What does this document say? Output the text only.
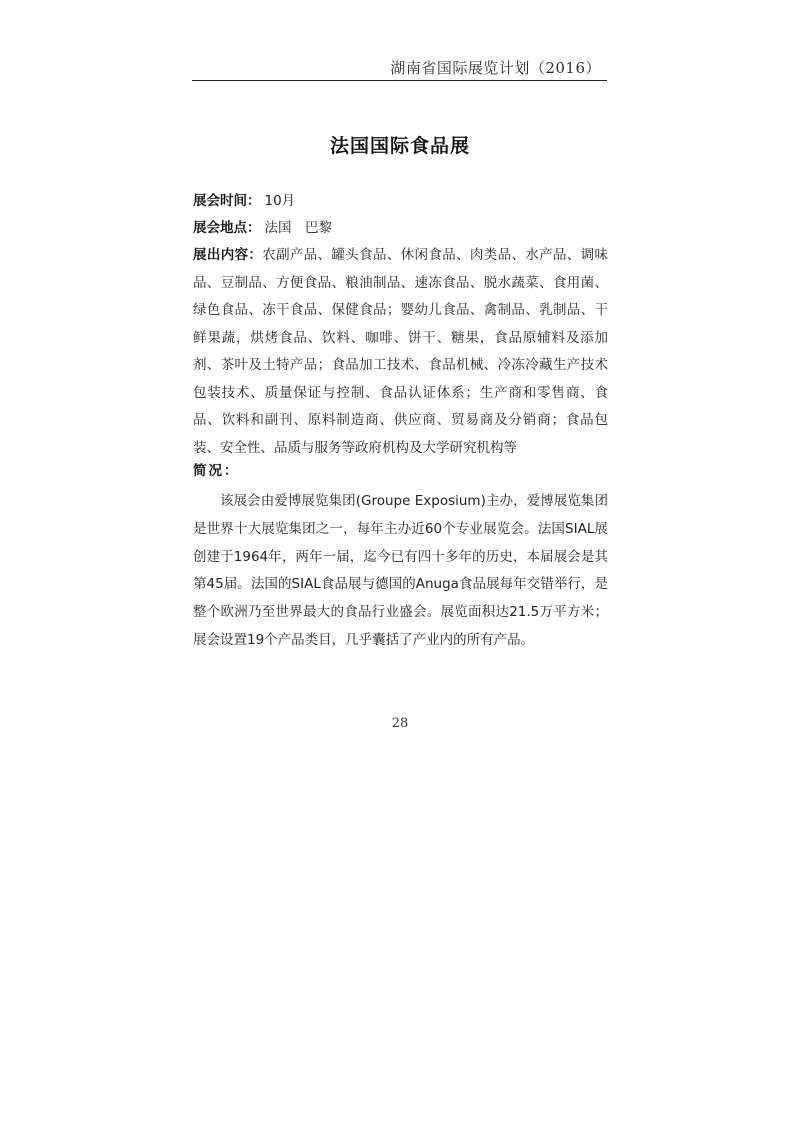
湖南省国际展览计划（2016）
法国国际食品展
展会时间： 10月
展会地点： 法国　巴黎
展出内容：农副产品、罐头食品、休闲食品、肉类品、水产品、调味品、豆制品、方便食品、粮油制品、速冻食品、脱水蔬菜、食用菌、绿色食品、冻干食品、保健食品；婴幼儿食品、禽制品、乳制品、干鲜果蔬，烘烤食品、饮料、咖啡、饼干、糖果，食品原辅料及添加剂、茶叶及土特产品；食品加工技术、食品机械、冷冻冷藏生产技术包装技术、质量保证与控制、食品认证体系；生产商和零售商、食品、饮料和副刊、原料制造商、供应商、贸易商及分销商；食品包装、安全性、品质与服务等政府机构及大学研究机构等
简况：
该展会由爱博展览集团(Groupe Exposium)主办，爱博展览集团是世界十大展览集团之一，每年主办近60个专业展览会。法国SIAL展创建于1964年，两年一届，迄今已有四十多年的历史，本届展会是其第45届。法国的SIAL食品展与德国的Anuga食品展每年交错举行，是整个欧洲乃至世界最大的食品行业盛会。展览面积达21.5万平方米；展会设置19个产品类目，几乎囊括了产业内的所有产品。
28
